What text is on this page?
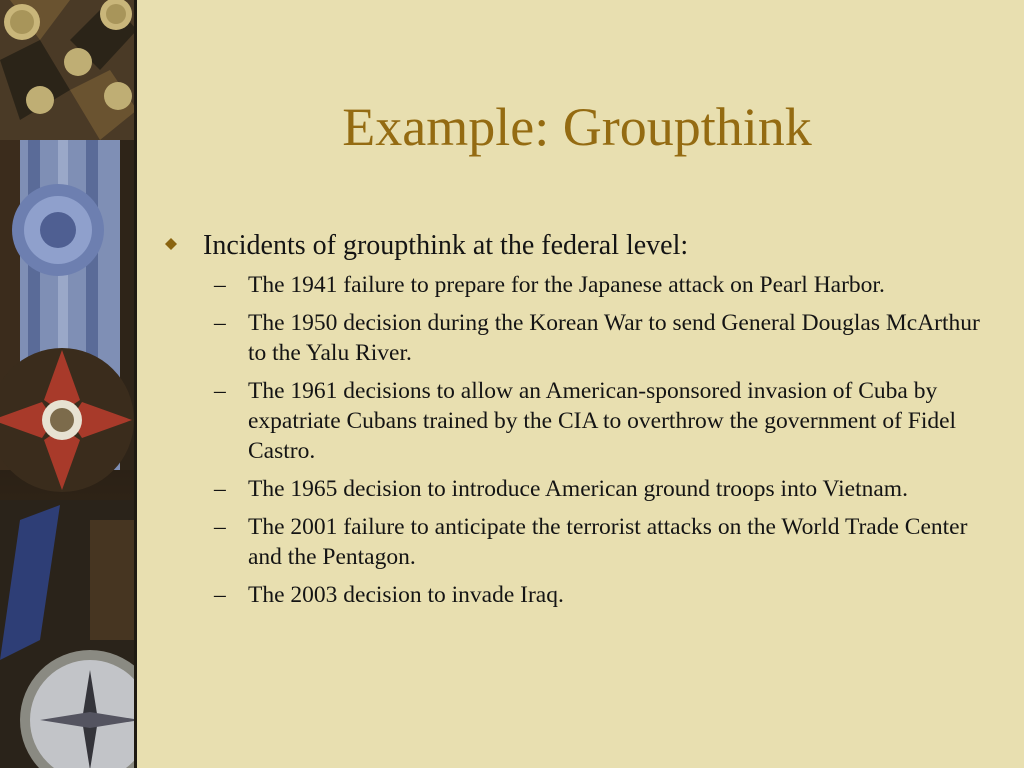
Example: Groupthink
Incidents of groupthink at the federal level:
– The 1941 failure to prepare for the Japanese attack on Pearl Harbor.
– The 1950 decision during the Korean War to send General Douglas McArthur to the Yalu River.
– The 1961 decisions to allow an American-sponsored invasion of Cuba by expatriate Cubans trained by the CIA to overthrow the government of Fidel Castro.
– The 1965 decision to introduce American ground troops into Vietnam.
– The 2001 failure to anticipate the terrorist attacks on the World Trade Center and the Pentagon.
– The 2003 decision to invade Iraq.
